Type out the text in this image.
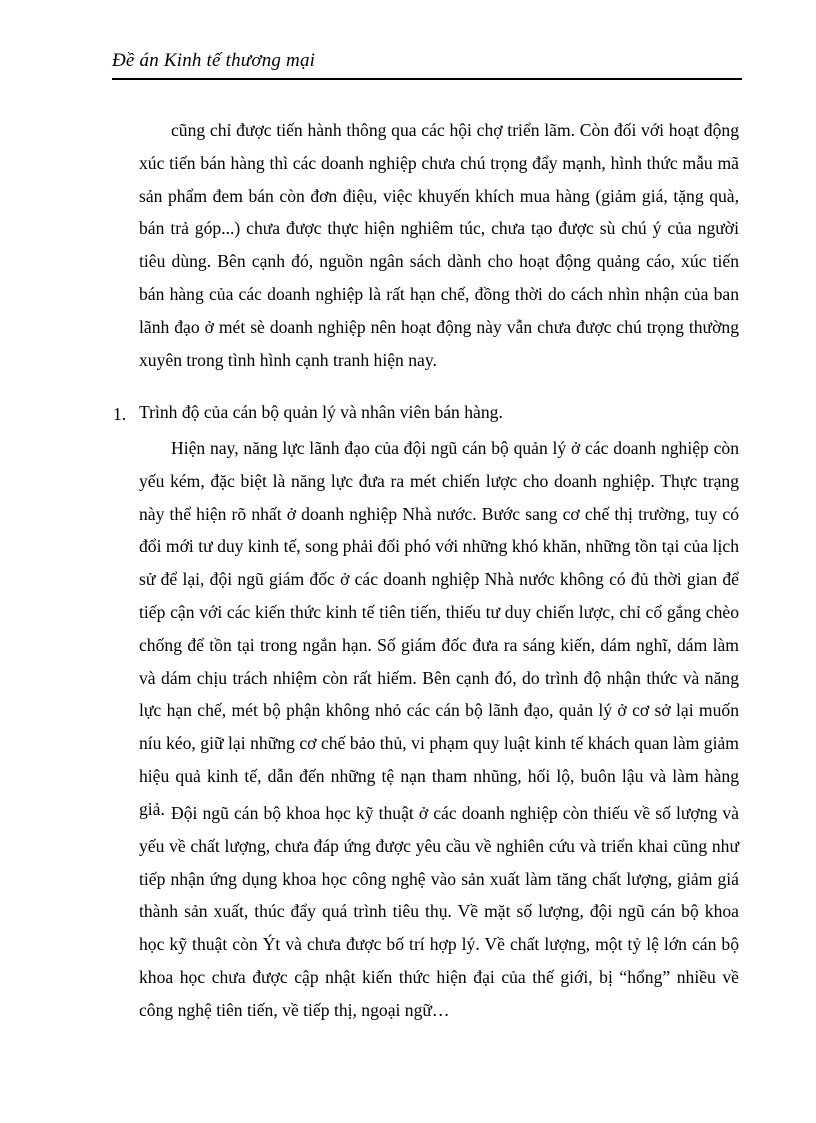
Đề án Kinh tế thương mại
cũng chỉ được tiến hành thông qua các hội chợ triển lãm. Còn đối với hoạt động xúc tiến bán hàng thì các doanh nghiệp chưa chú trọng đẩy mạnh, hình thức mẫu mã sản phẩm đem bán còn đơn điệu, việc khuyến khích mua hàng (giảm giá, tặng quà, bán trả góp...) chưa được thực hiện nghiêm túc, chưa tạo được sù chú ý của người tiêu dùng. Bên cạnh đó, nguồn ngân sách dành cho hoạt động quảng cáo, xúc tiến bán hàng của các doanh nghiệp là rất hạn chế, đồng thời do cách nhìn nhận của ban lãnh đạo ở mét sè doanh nghiệp nên hoạt động này vẫn chưa được chú trọng thường xuyên trong tình hình cạnh tranh hiện nay.
1. Trình độ của cán bộ quản lý và nhân viên bán hàng.
Hiện nay, năng lực lãnh đạo của đội ngũ cán bộ quản lý ở các doanh nghiệp còn yếu kém, đặc biệt là năng lực đưa ra mét chiến lược cho doanh nghiệp. Thực trạng này thể hiện rõ nhất ở doanh nghiệp Nhà nước. Bước sang cơ chế thị trường, tuy có đổi mới tư duy kinh tế, song phải đối phó với những khó khăn, những tồn tại của lịch sử để lại, đội ngũ giám đốc ở các doanh nghiệp Nhà nước không có đủ thời gian để tiếp cận với các kiến thức kinh tế tiên tiến, thiếu tư duy chiến lược, chỉ cố gắng chèo chống để tồn tại trong ngắn hạn. Số giám đốc đưa ra sáng kiến, dám nghĩ, dám làm và dám chịu trách nhiệm còn rất hiếm. Bên cạnh đó, do trình độ nhận thức và năng lực hạn chế, mét bộ phận không nhỏ các cán bộ lãnh đạo, quản lý ở cơ sở lại muốn níu kéo, giữ lại những cơ chế bảo thủ, vi phạm quy luật kinh tế khách quan làm giảm hiệu quả kinh tế, dẫn đến những tệ nạn tham nhũng, hối lộ, buôn lậu và làm hàng giả. Đội ngũ cán bộ khoa học kỹ thuật ở các doanh nghiệp còn thiếu về số lượng và yếu về chất lượng, chưa đáp ứng được yêu cầu về nghiên cứu và triển khai cũng như tiếp nhận ứng dụng khoa học công nghệ vào sản xuất làm tăng chất lượng, giảm giá thành sản xuất, thúc đẩy quá trình tiêu thụ. Về mặt số lượng, đội ngũ cán bộ khoa học kỹ thuật còn Ýt và chưa được bố trí hợp lý. Về chất lượng, một tỷ lệ lớn cán bộ khoa học chưa được cập nhật kiến thức hiện đại của thế giới, bị “hổng” nhiều về công nghệ tiên tiến, về tiếp thị, ngoại ngữ…
